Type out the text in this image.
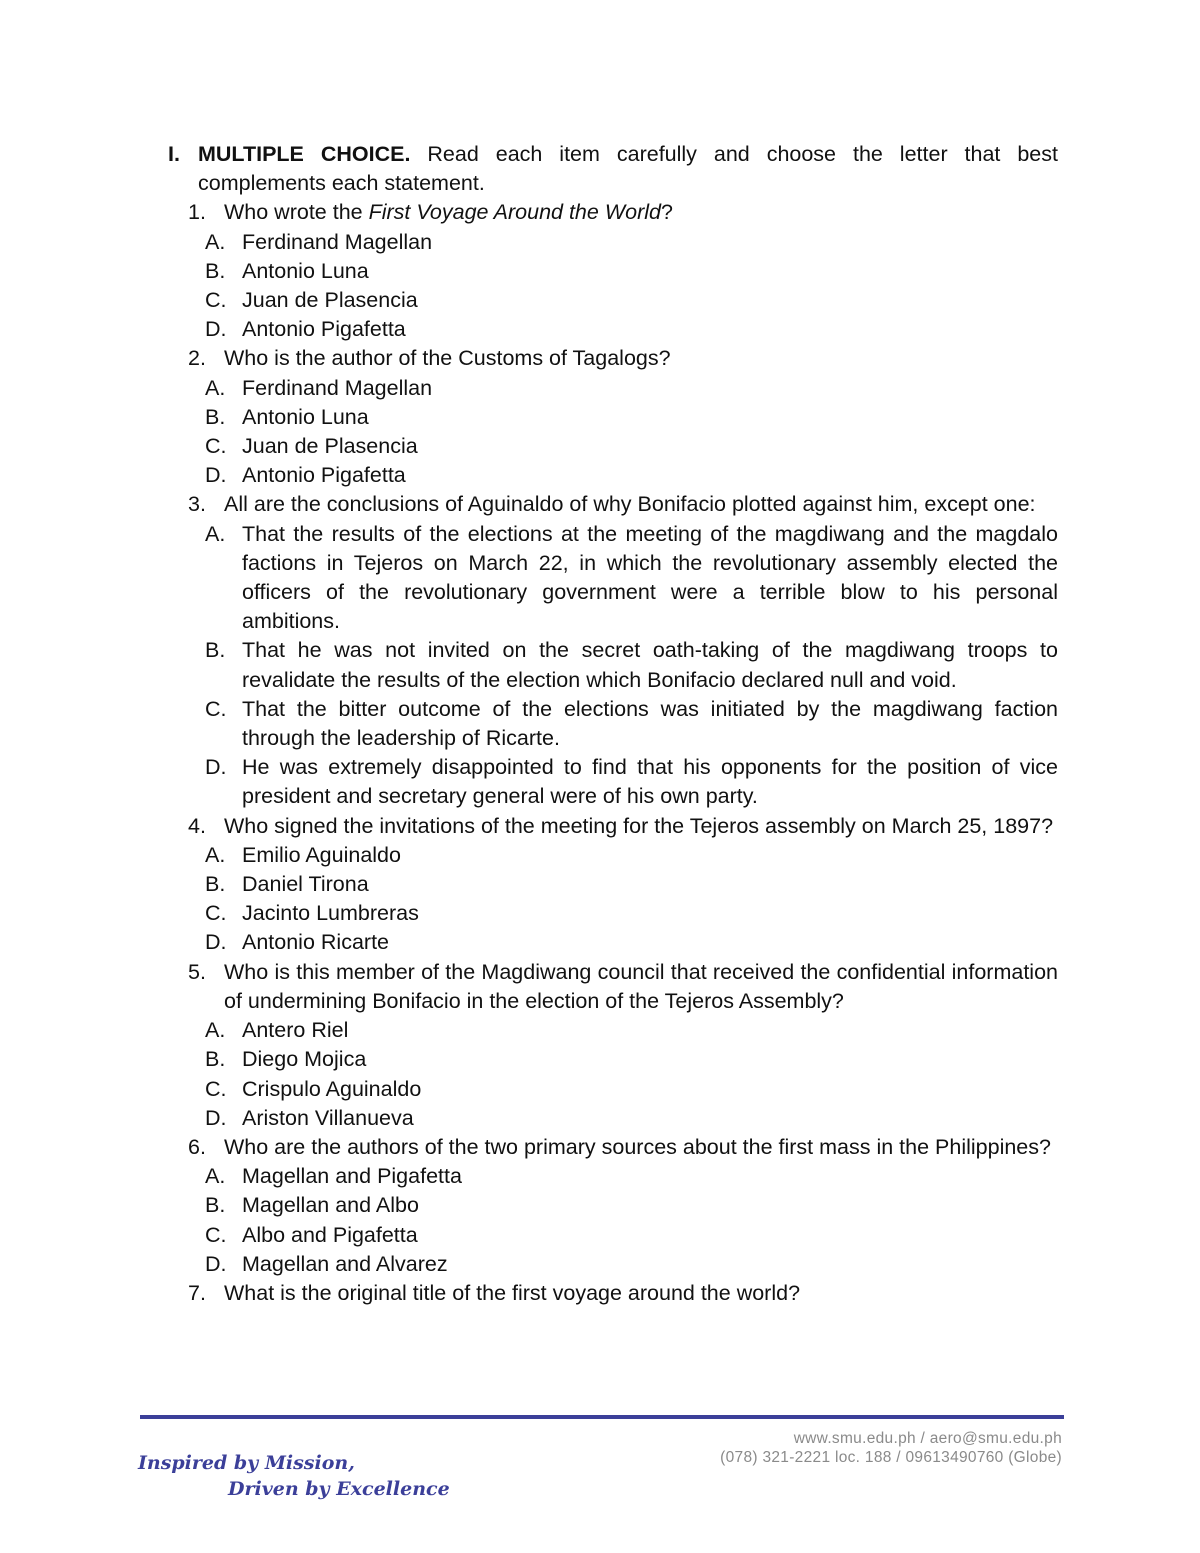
I. MULTIPLE CHOICE. Read each item carefully and choose the letter that best complements each statement.
1. Who wrote the First Voyage Around the World?
A. Ferdinand Magellan
B. Antonio Luna
C. Juan de Plasencia
D. Antonio Pigafetta
2. Who is the author of the Customs of Tagalogs?
A. Ferdinand Magellan
B. Antonio Luna
C. Juan de Plasencia
D. Antonio Pigafetta
3. All are the conclusions of Aguinaldo of why Bonifacio plotted against him, except one:
A. That the results of the elections at the meeting of the magdiwang and the magdalo factions in Tejeros on March 22, in which the revolutionary assembly elected the officers of the revolutionary government were a terrible blow to his personal ambitions.
B. That he was not invited on the secret oath-taking of the magdiwang troops to revalidate the results of the election which Bonifacio declared null and void.
C. That the bitter outcome of the elections was initiated by the magdiwang faction through the leadership of Ricarte.
D. He was extremely disappointed to find that his opponents for the position of vice president and secretary general were of his own party.
4. Who signed the invitations of the meeting for the Tejeros assembly on March 25, 1897?
A. Emilio Aguinaldo
B. Daniel Tirona
C. Jacinto Lumbreras
D. Antonio Ricarte
5. Who is this member of the Magdiwang council that received the confidential information of undermining Bonifacio in the election of the Tejeros Assembly?
A. Antero Riel
B. Diego Mojica
C. Crispulo Aguinaldo
D. Ariston Villanueva
6. Who are the authors of the two primary sources about the first mass in the Philippines?
A. Magellan and Pigafetta
B. Magellan and Albo
C. Albo and Pigafetta
D. Magellan and Alvarez
7. What is the original title of the first voyage around the world?
www.smu.edu.ph / aero@smu.edu.ph
(078) 321-2221 loc. 188 / 09613490760 (Globe)
Inspired by Mission,
Driven by Excellence
